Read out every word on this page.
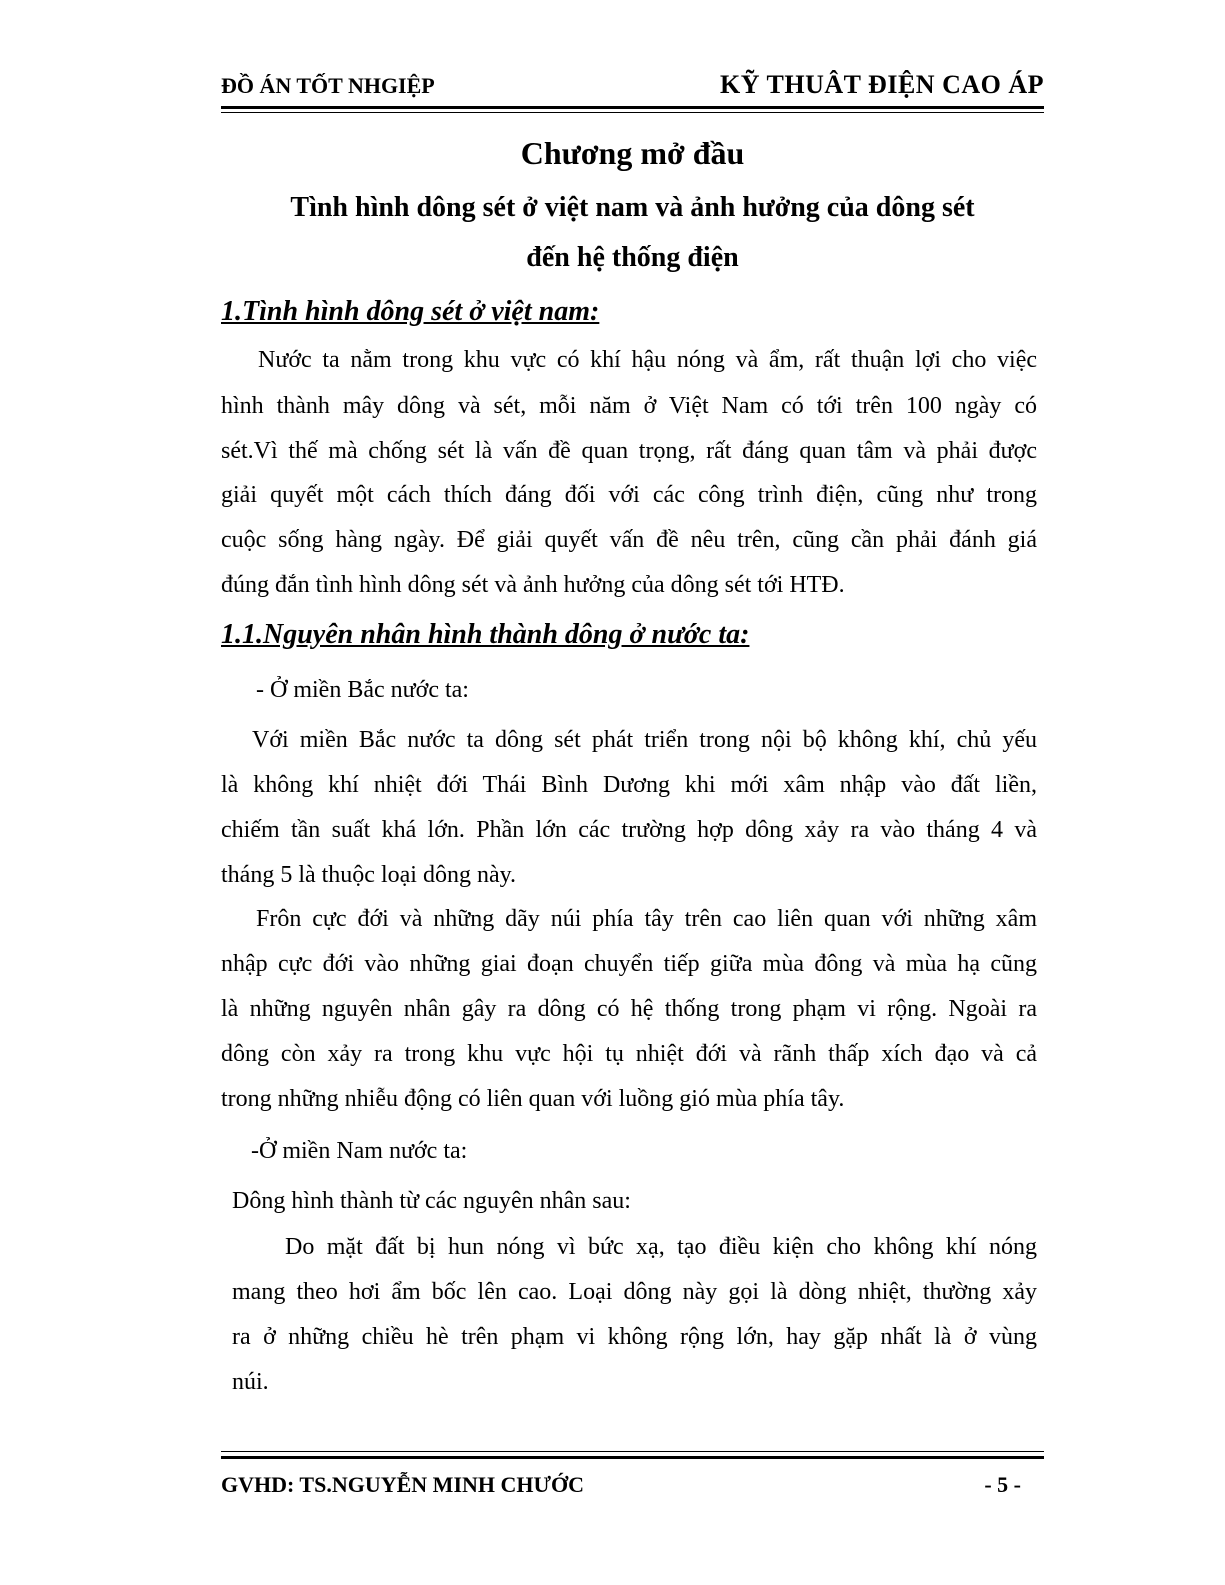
ĐỒ ÁN TỐT NHGIỆP	KỸ THUÂT ĐIỆN CAO ÁP
Chương mở đầu
Tình hình dông sét ở việt nam và ảnh hưởng của dông sét
đến hệ thống điện
1.Tình hình dông sét ở việt nam:
Nước ta nằm trong khu vực có khí hậu nóng và ẩm, rất thuận lợi cho việc
hình thành mây dông và sét, mỗi năm ở Việt Nam có tới trên 100 ngày có
sét.Vì thế mà chống sét là vấn đề quan trọng, rất đáng quan tâm và phải được
giải quyết một cách thích đáng đối với các công trình điện, cũng như trong
cuộc sống hàng ngày. Để giải quyết vấn đề nêu trên, cũng cần phải đánh giá
đúng đắn tình hình dông sét và ảnh hưởng của dông sét tới HTĐ.
1.1.Nguyên nhân hình thành dông ở nước ta:
- Ở miền Bắc nước ta:
Với miền Bắc nước ta dông sét phát triển trong nội bộ không khí, chủ yếu
là không khí nhiệt đới Thái Bình Dương khi mới xâm nhập vào đất liền,
chiếm tần suất khá lớn. Phần lớn các trường hợp dông xảy ra vào tháng 4 và
tháng 5 là thuộc loại dông này.
Frôn cực đới và những dãy núi phía tây trên cao liên quan với những xâm
nhập cực đới vào những giai đoạn chuyển tiếp giữa mùa đông và mùa hạ cũng
là những nguyên nhân gây ra dông có hệ thống trong phạm vi rộng. Ngoài ra
dông còn xảy ra trong khu vực hội tụ nhiệt đới và rãnh thấp xích đạo và cả
trong những nhiễu động có liên quan với luồng gió mùa phía tây.
-Ở miền Nam nước ta:
Dông hình thành từ các nguyên nhân sau:
Do mặt đất bị hun nóng vì bức xạ, tạo điều kiện cho không khí nóng
mang theo hơi ẩm bốc lên cao. Loại dông này gọi là dòng nhiệt, thường xảy
ra ở những chiều hè trên phạm vi không rộng lớn, hay gặp nhất là ở vùng
núi.
GVHD: TS.NGUYỄN MINH CHƯỚC	- 5 -
